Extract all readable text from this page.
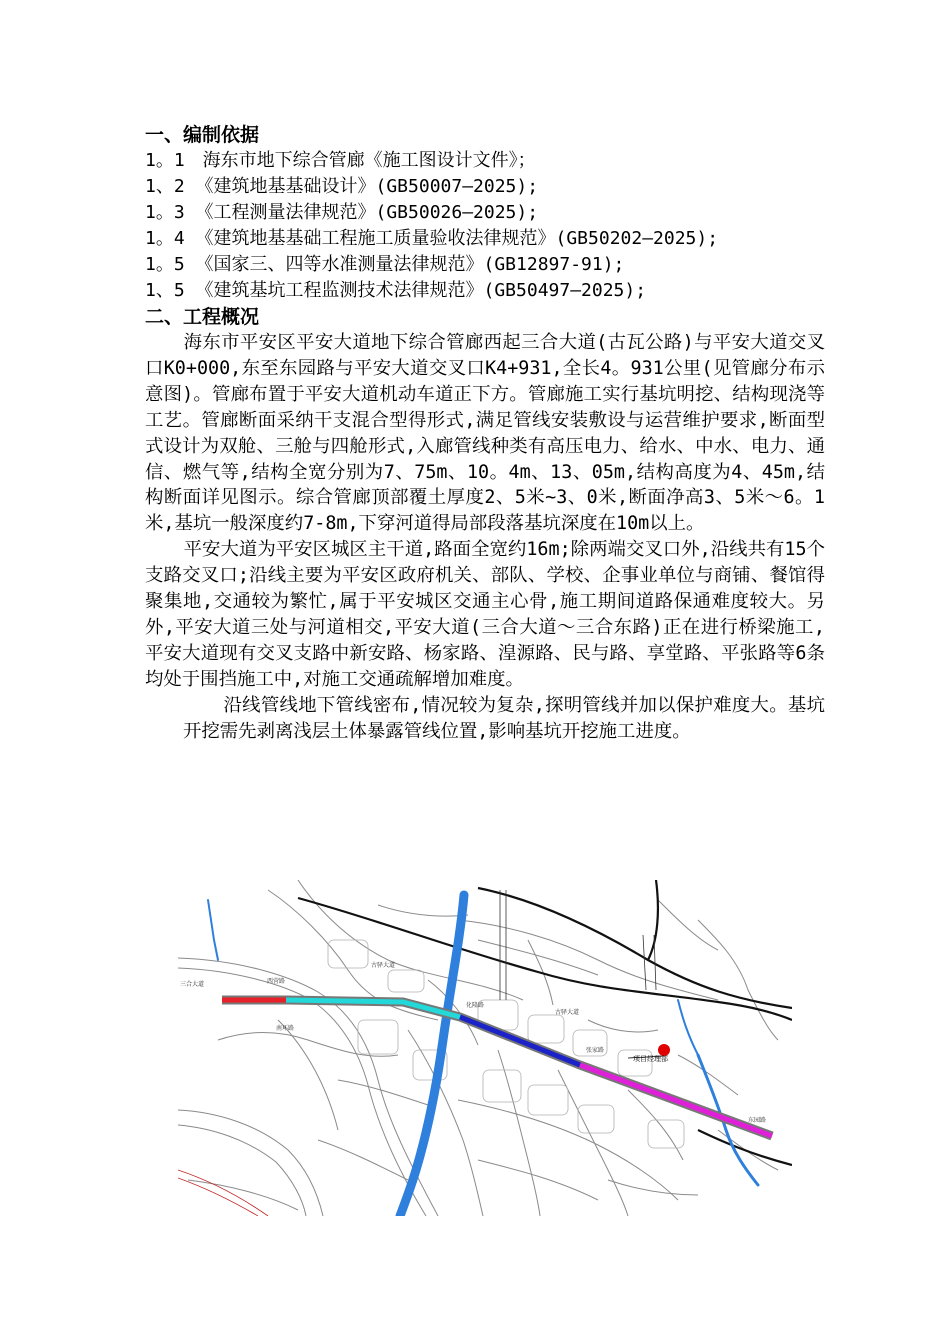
一、编制依据

1。1　海东市地下综合管廊《施工图设计文件》；

1、2 《建筑地基基础设计》(GB50007—2025);

1。3 《工程测量法律规范》(GB50026—2025);

1。4 《建筑地基基础工程施工质量验收法律规范》(GB50202—2025);

1。5 《国家三、四等水准测量法律规范》(GB12897-91);

1、5 《建筑基坑工程监测技术法律规范》(GB50497—2025);

二、工程概况

海东市平安区平安大道地下综合管廊西起三合大道(古瓦公路)与平安大道交叉口K0+000,东至东园路与平安大道交叉口K4+931,全长4。931公里(见管廊分布示意图)。管廊布置于平安大道机动车道正下方。管廊施工实行基坑明挖、结构现浇等工艺。管廊断面采纳干支混合型得形式,满足管线安装敷设与运营维护要求,断面型式设计为双舱、三舱与四舱形式,入廊管线种类有高压电力、给水、中水、电力、通信、燃气等,结构全宽分别为7、75m、10。4m、13、05m,结构高度为4、45m,结构断面详见图示。综合管廊顶部覆土厚度2、5米~3、0米,断面净高3、5米～6。1米,基坑一般深度约7-8m,下穿河道得局部段落基坑深度在10m以上。

平安大道为平安区城区主干道,路面全宽约16m;除两端交叉口外,沿线共有15个支路交叉口;沿线主要为平安区政府机关、部队、学校、企事业单位与商铺、餐馆得聚集地,交通较为繁忙,属于平安城区交通主心骨,施工期间道路保通难度较大。另外,平安大道三处与河道相交,平安大道(三合大道～三合东路)正在进行桥梁施工,平安大道现有交叉支路中新安路、杨家路、湟源路、民与路、享堂路、平张路等6条均处于围挡施工中,对施工交通疏解增加难度。

沿线管线地下管线密布,情况较为复杂,探明管线并加以保护难度大。基坑开挖需先剥离浅层土体暴露管线位置,影响基坑开挖施工进度。

三合大道	西营路
古驿大道
化隆路
古驿大道
张家路
项目经理部
东园路
南环路
